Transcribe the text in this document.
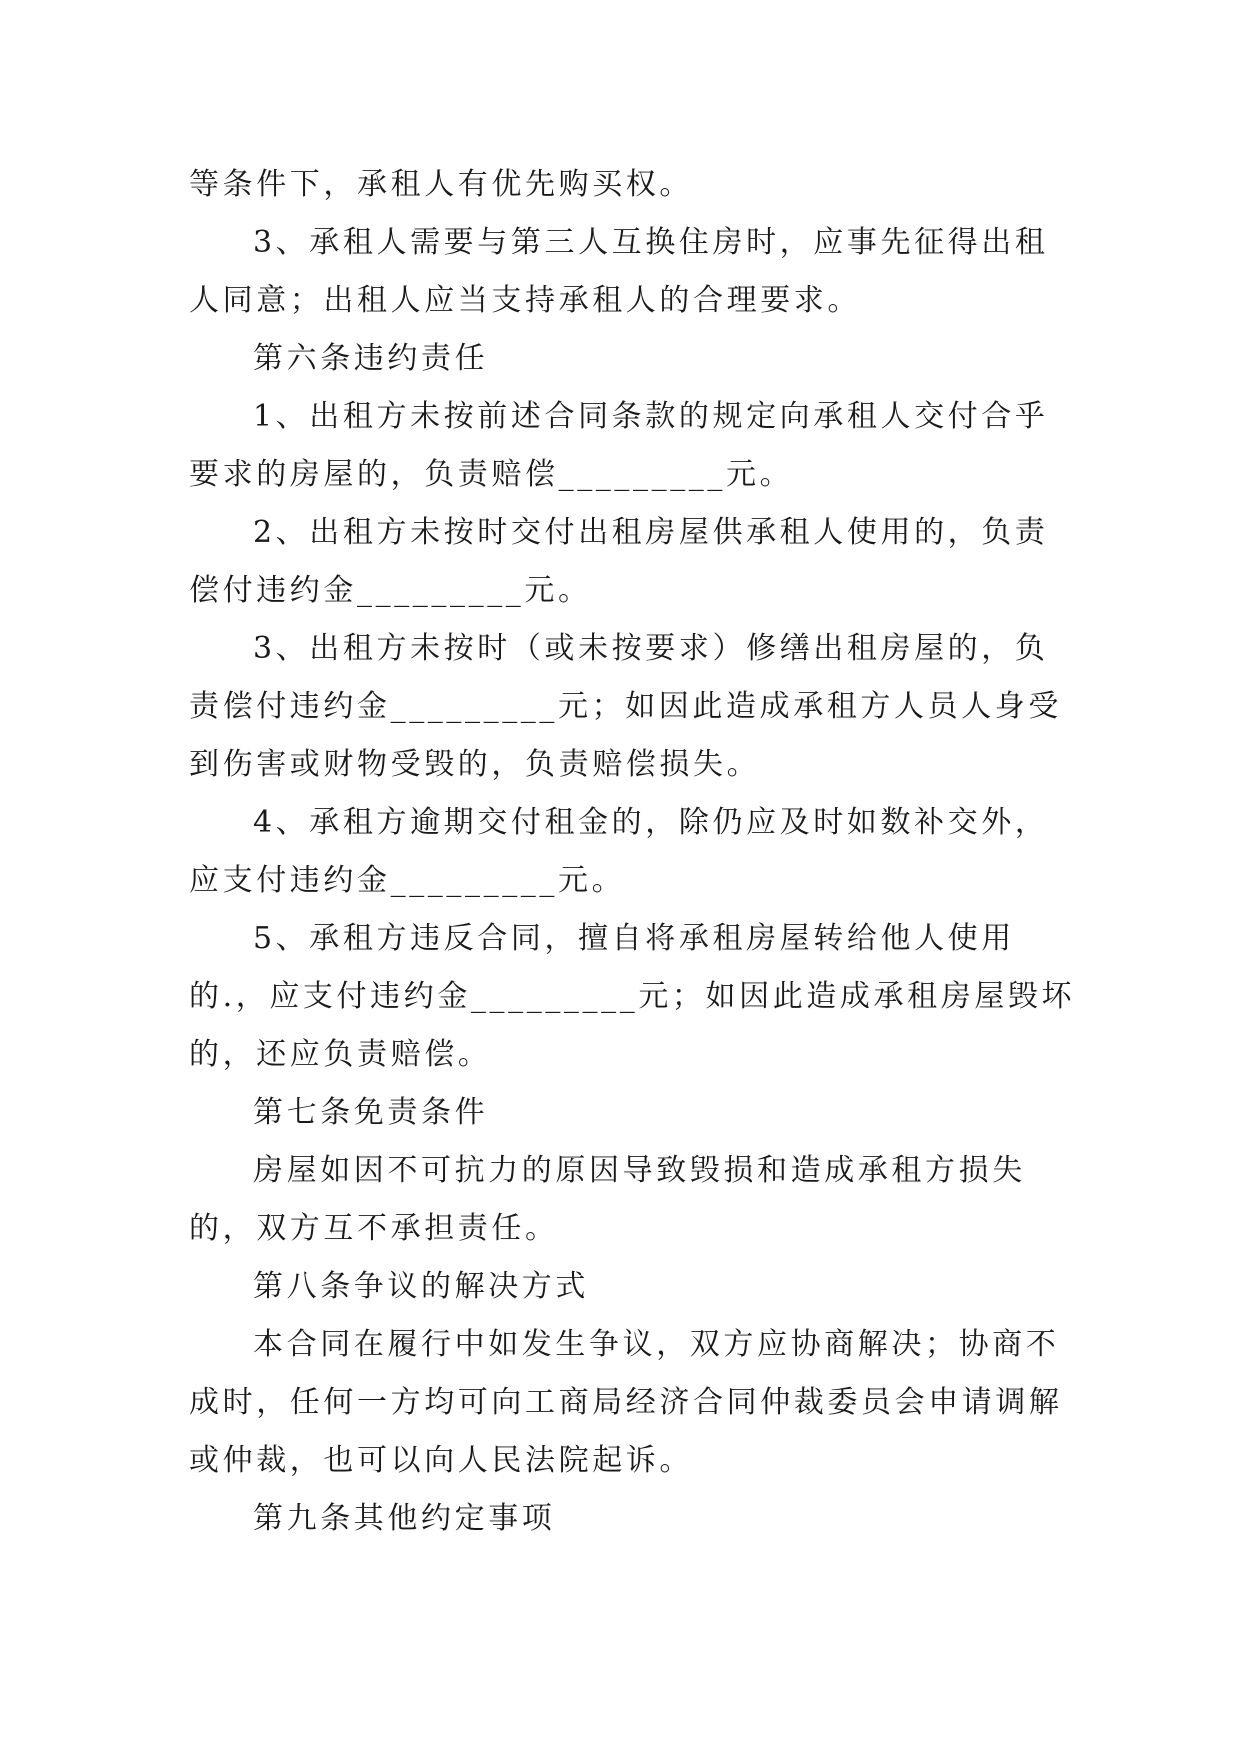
等条件下，承租人有优先购买权。
3、承租人需要与第三人互换住房时，应事先征得出租
人同意；出租人应当支持承租人的合理要求。
第六条违约责任
1、出租方未按前述合同条款的规定向承租人交付合乎
要求的房屋的，负责赔偿_________元。
2、出租方未按时交付出租房屋供承租人使用的，负责
偿付违约金_________元。
3、出租方未按时（或未按要求）修缮出租房屋的，负
责偿付违约金_________元；如因此造成承租方人员人身受
到伤害或财物受毁的，负责赔偿损失。
4、承租方逾期交付租金的，除仍应及时如数补交外，
应支付违约金_________元。
5、承租方违反合同，擅自将承租房屋转给他人使用
的.，应支付违约金_________元；如因此造成承租房屋毁坏
的，还应负责赔偿。
第七条免责条件
房屋如因不可抗力的原因导致毁损和造成承租方损失
的，双方互不承担责任。
第八条争议的解决方式
本合同在履行中如发生争议，双方应协商解决；协商不
成时，任何一方均可向工商局经济合同仲裁委员会申请调解
或仲裁，也可以向人民法院起诉。
第九条其他约定事项
